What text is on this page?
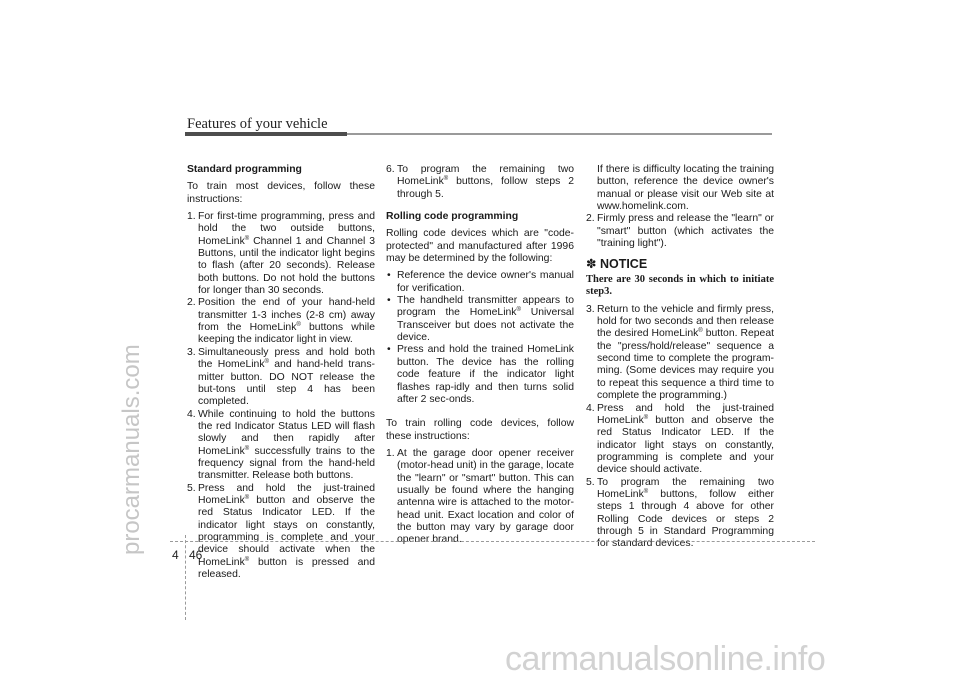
Features of your vehicle
procarmanuals.com
Standard programming

To train most devices, follow these instructions:

1. For first-time programming, press and hold the two outside buttons, HomeLink® Channel 1 and Channel 3 Buttons, until the indicator light begins to flash (after 20 seconds). Release both buttons. Do not hold the buttons for longer than 30 seconds.
2. Position the end of your hand-held transmitter 1-3 inches (2-8 cm) away from the HomeLink® buttons while keeping the indicator light in view.
3. Simultaneously press and hold both the HomeLink® and hand-held trans-mitter button. DO NOT release the but-tons until step 4 has been completed.
4. While continuing to hold the buttons the red Indicator Status LED will flash slowly and then rapidly after HomeLink® successfully trains to the frequency signal from the hand-held transmitter. Release both buttons.
5. Press and hold the just-trained HomeLink® button and observe the red Status Indicator LED. If the indicator light stays on constantly, programming is complete and your device should activate when the HomeLink® button is pressed and released.
6. To program the remaining two HomeLink® buttons, follow steps 2 through 5.
Rolling code programming

Rolling code devices which are "code-protected" and manufactured after 1996 may be determined by the following:

• Reference the device owner's manual for verification.
• The handheld transmitter appears to program the HomeLink® Universal Transceiver but does not activate the device.
• Press and hold the trained HomeLink button. The device has the rolling code feature if the indicator light flashes rap-idly and then turns solid after 2 sec-onds.

To train rolling code devices, follow these instructions:

1. At the garage door opener receiver (motor-head unit) in the garage, locate the "learn" or "smart" button. This can usually be found where the hanging antenna wire is attached to the motor-head unit. Exact location and color of the button may vary by garage door opener brand.

If there is difficulty locating the training button, reference the device owner's manual or please visit our Web site at www.homelink.com.

2. Firmly press and release the "learn" or "smart" button (which activates the "training light").
✽ NOTICE

There are 30 seconds in which to initiate step3.

3. Return to the vehicle and firmly press, hold for two seconds and then release the desired HomeLink® button. Repeat the "press/hold/release" sequence a second time to complete the program-ming. (Some devices may require you to repeat this sequence a third time to complete the programming.)
4. Press and hold the just-trained HomeLink® button and observe the red Status Indicator LED. If the indicator light stays on constantly, programming is complete and your device should activate.
5. To program the remaining two HomeLink® buttons, follow either steps 1 through 4 above for other Rolling Code devices or steps 2 through 5 in Standard Programming for standard devices.
4 46
carmanualsonline.info
